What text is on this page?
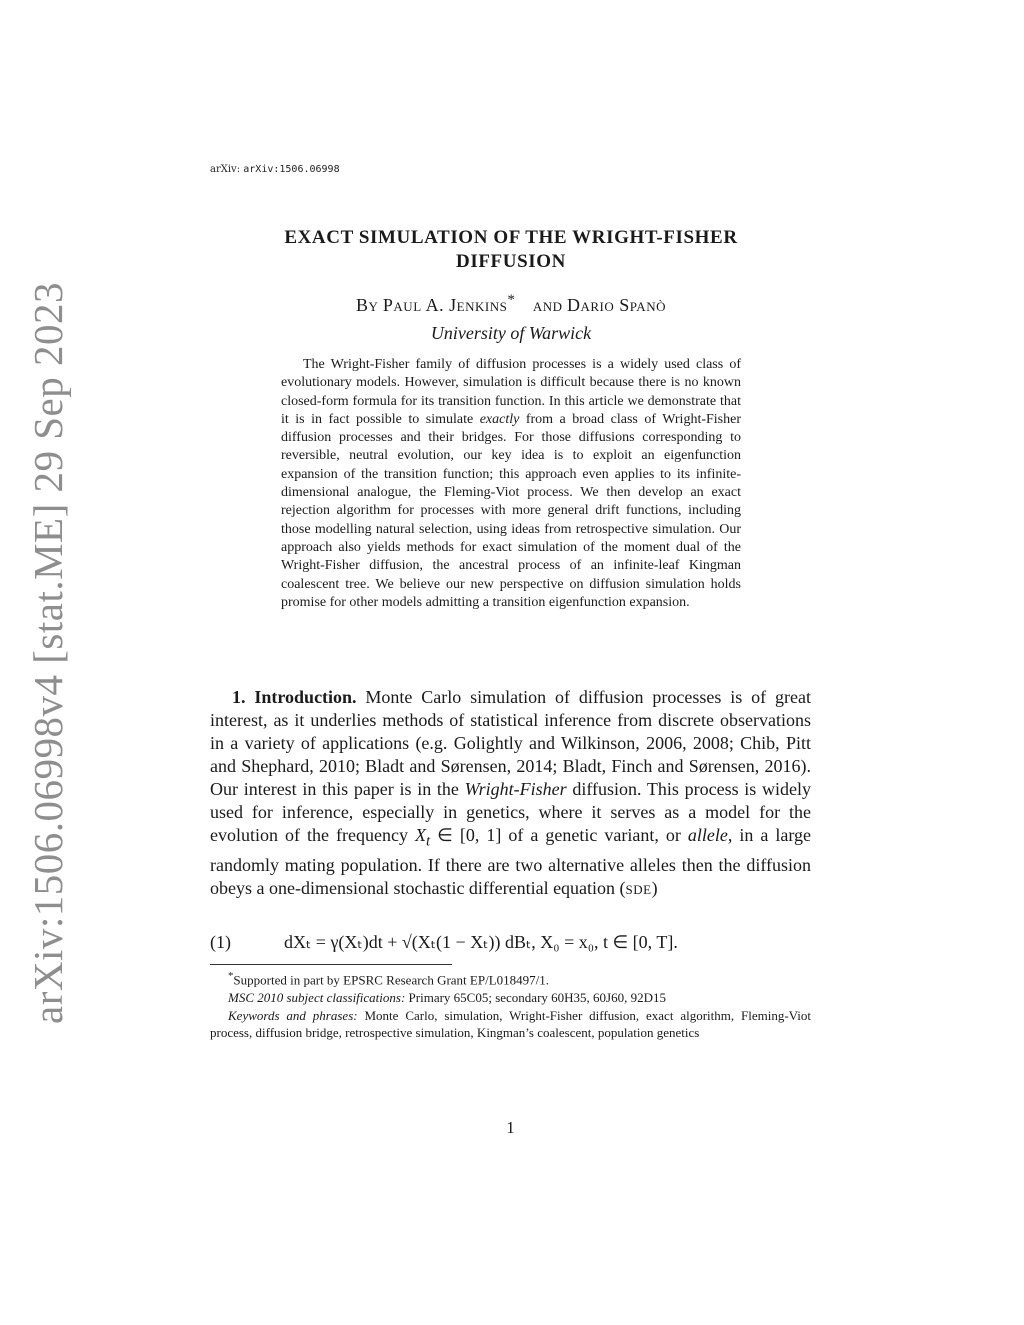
arXiv:1506.06998v4 [stat.ME] 29 Sep 2023
arXiv: arXiv:1506.06998
EXACT SIMULATION OF THE WRIGHT-FISHER
DIFFUSION
By Paul A. Jenkins* and Dario Spanò
University of Warwick

The Wright-Fisher family of diffusion processes is a widely used class of evolutionary models. However, simulation is difficult because there is no known closed-form formula for its transition function. In this article we demonstrate that it is in fact possible to simulate exactly from a broad class of Wright-Fisher diffusion processes and their bridges. For those diffusions corresponding to reversible, neutral evolution, our key idea is to exploit an eigenfunction expansion of the transition function; this approach even applies to its infinite-dimensional analogue, the Fleming-Viot process. We then develop an exact rejection algorithm for processes with more general drift functions, including those modelling natural selection, using ideas from retrospective simulation. Our approach also yields methods for exact simulation of the moment dual of the Wright-Fisher diffusion, the ancestral process of an infinite-leaf Kingman coalescent tree. We believe our new perspective on diffusion simulation holds promise for other models admitting a transition eigenfunction expansion.

1. Introduction. Monte Carlo simulation of diffusion processes is of great interest, as it underlies methods of statistical inference from discrete observations in a variety of applications (e.g. Golightly and Wilkinson, 2006, 2008; Chib, Pitt and Shephard, 2010; Bladt and Sørensen, 2014; Bladt, Finch and Sørensen, 2016). Our interest in this paper is in the Wright-Fisher diffusion. This process is widely used for inference, especially in genetics, where it serves as a model for the evolution of the frequency $X_t$ ∈ [0, 1] of a genetic variant, or allele, in a large randomly mating population. If there are two alternative alleles then the diffusion obeys a one-dimensional stochastic differential equation (sde)

(1)	dXₜ = γ(Xₜ)dt + √(Xₜ(1 − Xₜ)) dBₜ, X₀ = x₀, t ∈ [0, T].

*Supported in part by EPSRC Research Grant EP/L018497/1.

MSC 2010 subject classifications: Primary 65C05; secondary 60H35, 60J60, 92D15

Keywords and phrases: Monte Carlo, simulation, Wright-Fisher diffusion, exact algorithm, Fleming-Viot process, diffusion bridge, retrospective simulation, Kingman’s coalescent, population genetics

1
